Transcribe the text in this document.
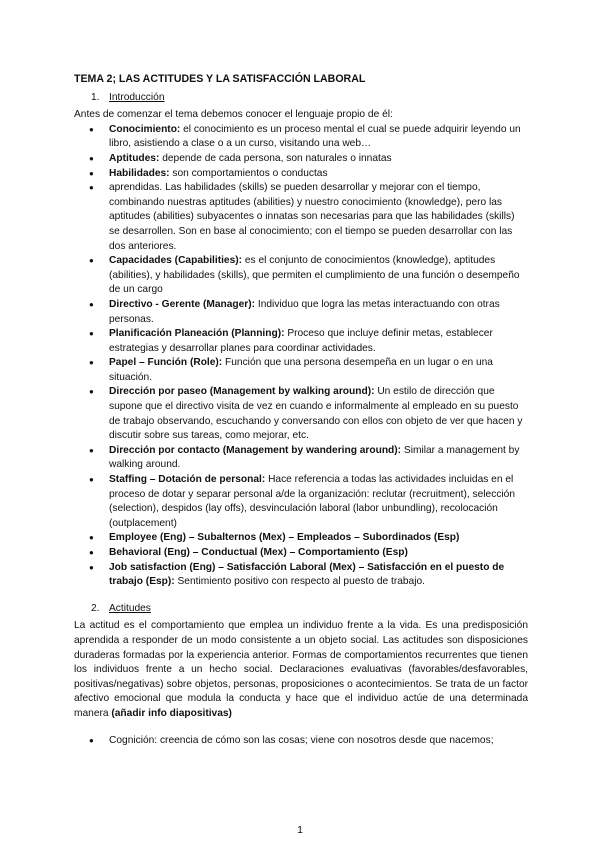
TEMA 2; LAS ACTITUDES Y LA SATISFACCIÓN LABORAL
1. Introducción

Antes de comenzar el tema debemos conocer el lenguaje propio de él:

● Conocimiento: el conocimiento es un proceso mental el cual se puede adquirir leyendo un libro, asistiendo a clase o a un curso, visitando una web…
● Aptitudes: depende de cada persona, son naturales o innatas
● Habilidades: son comportamientos o conductas
● aprendidas. Las habilidades (skills) se pueden desarrollar y mejorar con el tiempo, combinando nuestras aptitudes (abilities) y nuestro conocimiento (knowledge), pero las aptitudes (abilities) subyacentes o innatas son necesarias para que las habilidades (skills) se desarrollen. Son en base al conocimiento; con el tiempo se pueden desarrollar con las dos anteriores.
● Capacidades (Capabilities): es el conjunto de conocimientos (knowledge), aptitudes (abilities), y habilidades (skills), que permiten el cumplimiento de una función o desempeño de un cargo
● Directivo - Gerente (Manager): Individuo que logra las metas interactuando con otras personas.
● Planificación Planeación (Planning): Proceso que incluye definir metas, establecer estrategias y desarrollar planes para coordinar actividades.
● Papel – Función (Role): Función que una persona desempeña en un lugar o en una situación.
● Dirección por paseo (Management by walking around): Un estilo de dirección que supone que el directivo visita de vez en cuando e informalmente al empleado en su puesto de trabajo observando, escuchando y conversando con ellos con objeto de ver que hacen y discutir sobre sus tareas, como mejorar, etc.
● Dirección por contacto (Management by wandering around): Similar a management by walking around.
● Staffing – Dotación de personal: Hace referencia a todas las actividades incluidas en el proceso de dotar y separar personal a/de la organización: reclutar (recruitment), selección (selection), despidos (lay offs), desvinculación laboral (labor unbundling), recolocación (outplacement)
● Employee (Eng) – Subalternos (Mex) – Empleados – Subordinados (Esp)
● Behavioral (Eng) – Conductual (Mex) – Comportamiento (Esp)
● Job satisfaction (Eng) – Satisfacción Laboral (Mex) – Satisfacción en el puesto de trabajo (Esp): Sentimiento positivo con respecto al puesto de trabajo.
2. Actitudes

La actitud es el comportamiento que emplea un individuo frente a la vida. Es una predisposición aprendida a responder de un modo consistente a un objeto social. Las actitudes son disposiciones duraderas formadas por la experiencia anterior. Formas de comportamientos recurrentes que tienen los individuos frente a un hecho social. Declaraciones evaluativas (favorables/desfavorables, positivas/negativas) sobre objetos, personas, proposiciones o acontecimientos. Se trata de un factor afectivo emocional que modula la conducta y hace que el individuo actúe de una determinada manera (añadir info diapositivas)

● Cognición: creencia de cómo son las cosas; viene con nosotros desde que nacemos;
1
